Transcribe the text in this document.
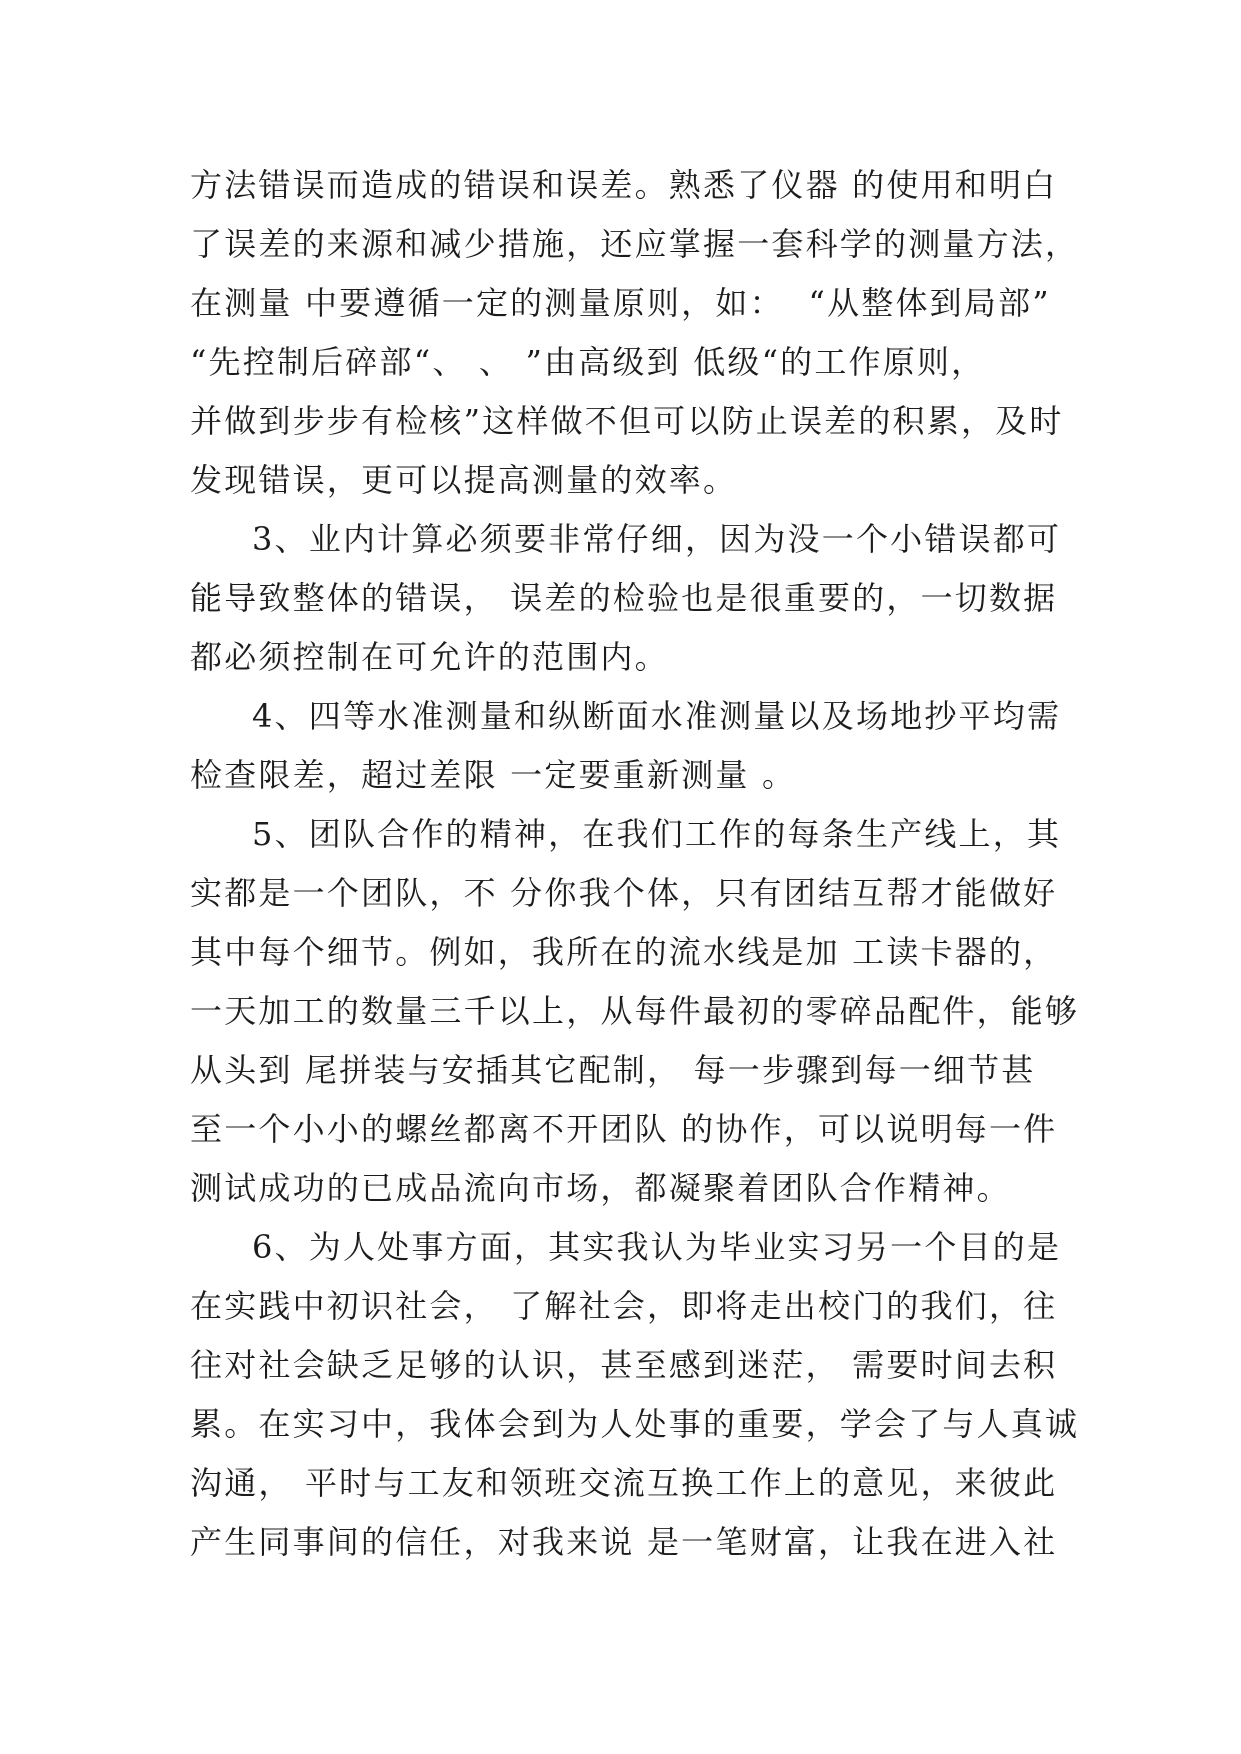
方法错误而造成的错误和误差。熟悉了仪器 的使用和明白
了误差的来源和减少措施，还应掌握一套科学的测量方法，
在测量 中要遵循一定的测量原则，如：  “从整体到局部”
“先控制后碎部“、 、 ”由高级到 低级“的工作原则，
并做到步步有检核”这样做不但可以防止误差的积累，及时
发现错误，更可以提高测量的效率。
3、业内计算必须要非常仔细，因为没一个小错误都可
能导致整体的错误， 误差的检验也是很重要的，一切数据
都必须控制在可允许的范围内。
4、四等水准测量和纵断面水准测量以及场地抄平均需
检查限差，超过差限 一定要重新测量 。
5、团队合作的精神，在我们工作的每条生产线上，其
实都是一个团队，不 分你我个体，只有团结互帮才能做好
其中每个细节。例如，我所在的流水线是加 工读卡器的，
一天加工的数量三千以上，从每件最初的零碎品配件，能够
从头到 尾拼装与安插其它配制， 每一步骤到每一细节甚
至一个小小的螺丝都离不开团队 的协作，可以说明每一件
测试成功的已成品流向市场，都凝聚着团队合作精神。
6、为人处事方面，其实我认为毕业实习另一个目的是
在实践中初识社会， 了解社会，即将走出校门的我们，往
往对社会缺乏足够的认识，甚至感到迷茫， 需要时间去积
累。在实习中，我体会到为人处事的重要，学会了与人真诚
沟通， 平时与工友和领班交流互换工作上的意见，来彼此
产生同事间的信任，对我来说 是一笔财富，让我在进入社
